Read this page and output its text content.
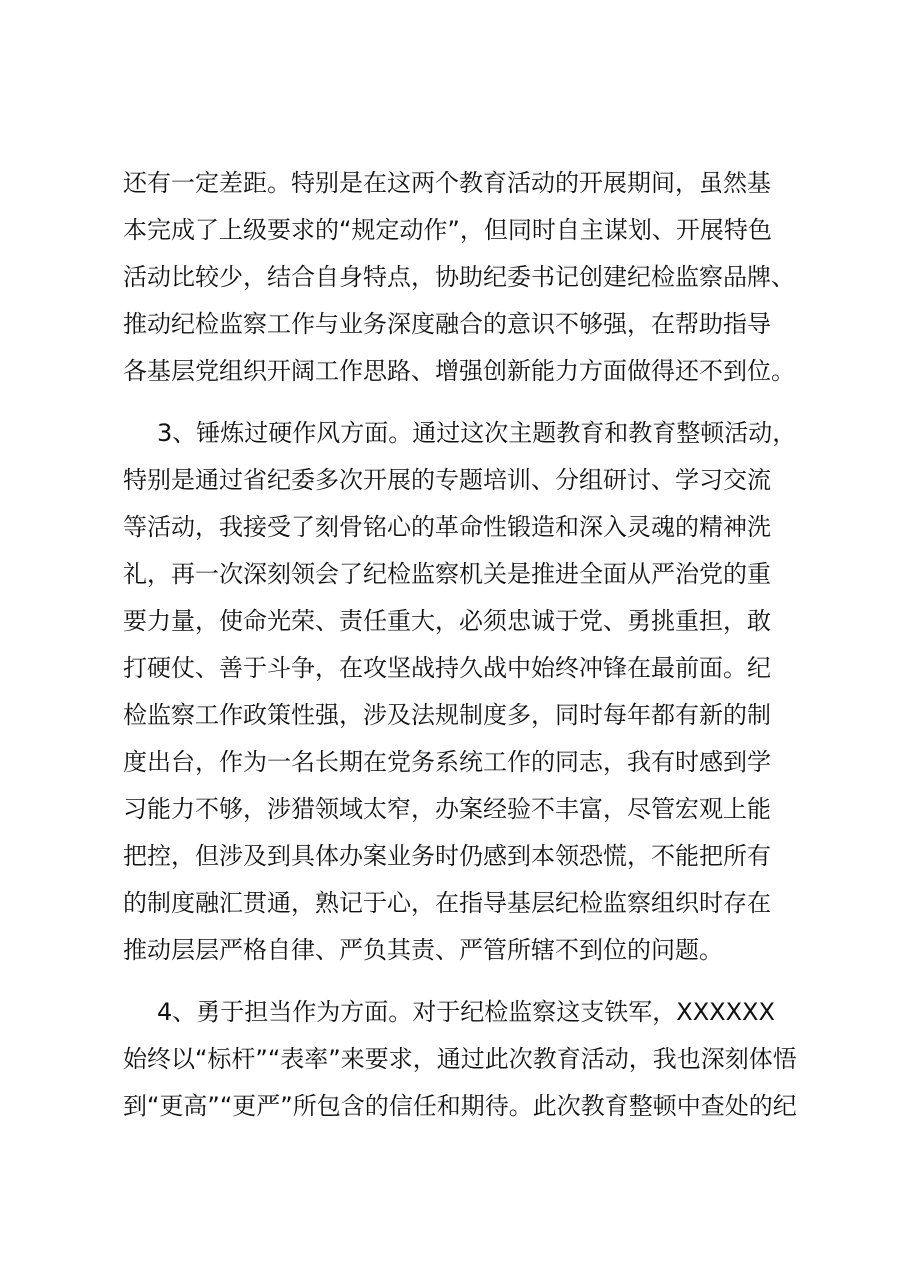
还有一定差距。特别是在这两个教育活动的开展期间，虽然基
本完成了上级要求的“规定动作”，但同时自主谋划、开展特色
活动比较少，结合自身特点，协助纪委书记创建纪检监察品牌、
推动纪检监察工作与业务深度融合的意识不够强，在帮助指导
各基层党组织开阔工作思路、增强创新能力方面做得还不到位。
3、锤炼过硬作风方面。通过这次主题教育和教育整顿活动，
特别是通过省纪委多次开展的专题培训、分组研讨、学习交流
等活动，我接受了刻骨铭心的革命性锻造和深入灵魂的精神洗
礼，再一次深刻领会了纪检监察机关是推进全面从严治党的重
要力量，使命光荣、责任重大，必须忠诚于党、勇挑重担，敢
打硬仗、善于斗争，在攻坚战持久战中始终冲锋在最前面。纪
检监察工作政策性强，涉及法规制度多，同时每年都有新的制
度出台，作为一名长期在党务系统工作的同志，我有时感到学
习能力不够，涉猎领域太窄，办案经验不丰富，尽管宏观上能
把控，但涉及到具体办案业务时仍感到本领恐慌，不能把所有
的制度融汇贯通，熟记于心，在指导基层纪检监察组织时存在
推动层层严格自律、严负其责、严管所辖不到位的问题。
4、勇于担当作为方面。对于纪检监察这支铁军，XXXXXX
始终以“标杆”“表率”来要求，通过此次教育活动，我也深刻体悟
到“更高”“更严”所包含的信任和期待。此次教育整顿中查处的纪
